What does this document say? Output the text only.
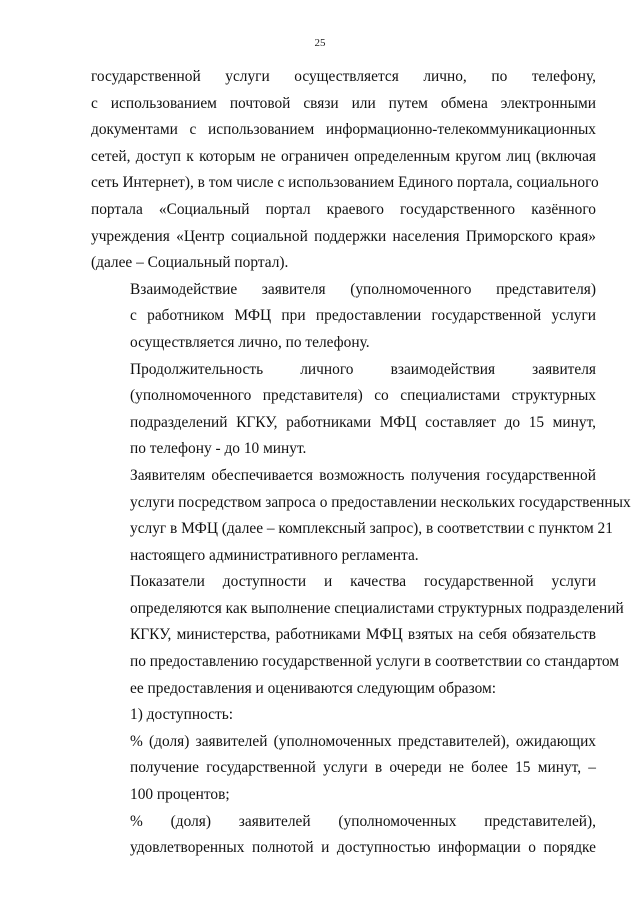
25

государственной услуги осуществляется лично, по телефону,
с использованием почтовой связи или путем обмена электронными
документами с использованием информационно-телекоммуникационных
сетей, доступ к которым не ограничен определенным кругом лиц (включая
сеть Интернет), в том числе с использованием Единого портала, социального
портала «Социальный портал краевого государственного казённого
учреждения «Центр социальной поддержки населения Приморского края»
(далее – Социальный портал).

Взаимодействие заявителя (уполномоченного представителя)
с работником МФЦ при предоставлении государственной услуги
осуществляется лично, по телефону.

Продолжительность личного взаимодействия заявителя
(уполномоченного представителя) со специалистами структурных
подразделений КГКУ, работниками МФЦ составляет до 15 минут,
по телефону - до 10 минут.

Заявителям обеспечивается возможность получения государственной
услуги посредством запроса о предоставлении нескольких государственных
услуг в МФЦ (далее – комплексный запрос), в соответствии с пунктом 21
настоящего административного регламента.

Показатели доступности и качества государственной услуги
определяются как выполнение специалистами структурных подразделений
КГКУ, министерства, работниками МФЦ взятых на себя обязательств
по предоставлению государственной услуги в соответствии со стандартом
ее предоставления и оцениваются следующим образом:

1) доступность:

% (доля) заявителей (уполномоченных представителей), ожидающих
получение государственной услуги в очереди не более 15 минут, –
100 процентов;

% (доля) заявителей (уполномоченных представителей),
удовлетворенных полнотой и доступностью информации о порядке
